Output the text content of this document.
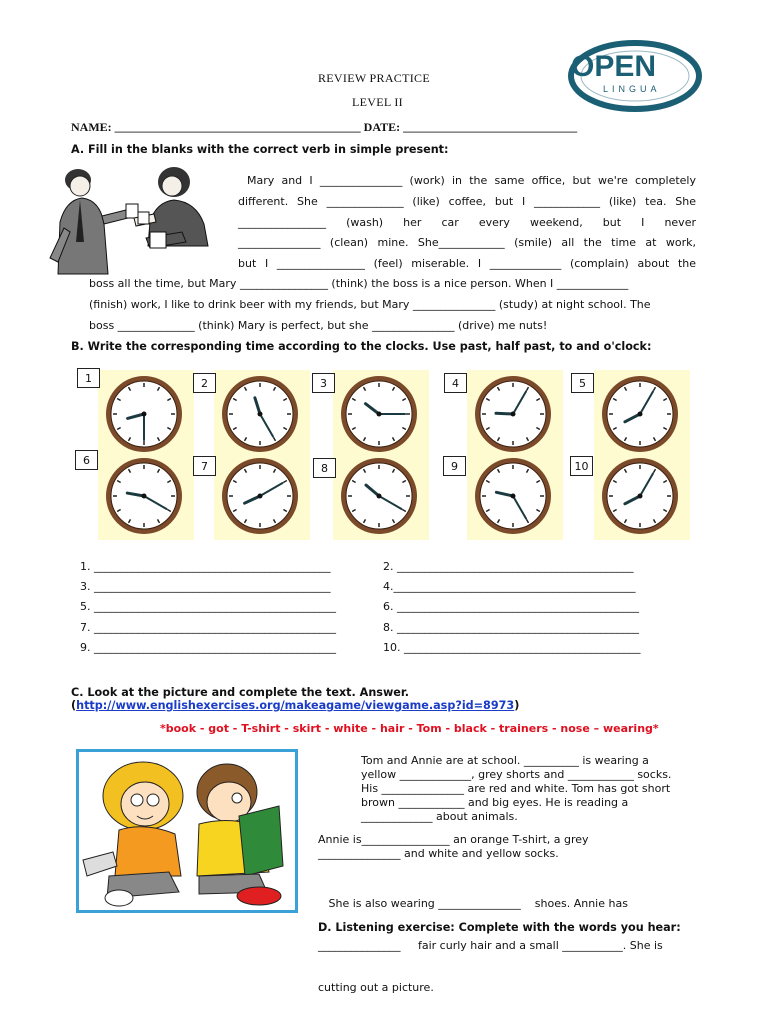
OPEN
LINGUA
REVIEW PRACTICE
LEVEL II
NAME: _________________________________________ DATE: _____________________________
A. Fill in the blanks with the correct verb in simple present:
Mary and I _______________ (work) in the same office, but we're completely
different. She ______________ (like) coffee, but I ____________ (like) tea. She
________________ (wash) her car every weekend, but I never
_______________ (clean) mine. She____________ (smile) all the time at work,
but I ________________ (feel) miserable. I _____________ (complain) about the
boss all the time, but Mary ________________ (think) the boss is a nice person. When I _____________
(finish) work, I like to drink beer with my friends, but Mary _______________ (study) at night school. The
boss ______________ (think) Mary is perfect, but she _______________ (drive) me nuts!
B. Write the corresponding time according to the clocks. Use past, half past, to and o'clock:
1	2	3	4	5
6	7	8	9	10
1. ___________________________________________
3. ___________________________________________
5. ____________________________________________
7. ____________________________________________
9. ____________________________________________
2. ___________________________________________
4.____________________________________________
6. ____________________________________________
8. ____________________________________________
10. ___________________________________________
C. Look at the picture and complete the text. Answer.
(http://www.englishexercises.org/makeagame/viewgame.asp?id=8973)
*book - got - T-shirt - skirt - white - hair - Tom - black - trainers - nose – wearing*
Tom and Annie are at school. __________ is wearing a
yellow _____________, grey shorts and ____________ socks.
His _______________ are red and white. Tom has got short
brown ____________ and big eyes. He is reading a
_____________ about animals.
Annie is________________ an orange T-shirt, a grey
_______________ and white and yellow socks.

She is also wearing _______________    shoes. Annie has

_______________     fair curly hair and a small ___________. She is

cutting out a picture.

D. Listening exercise: Complete with the words you hear:
